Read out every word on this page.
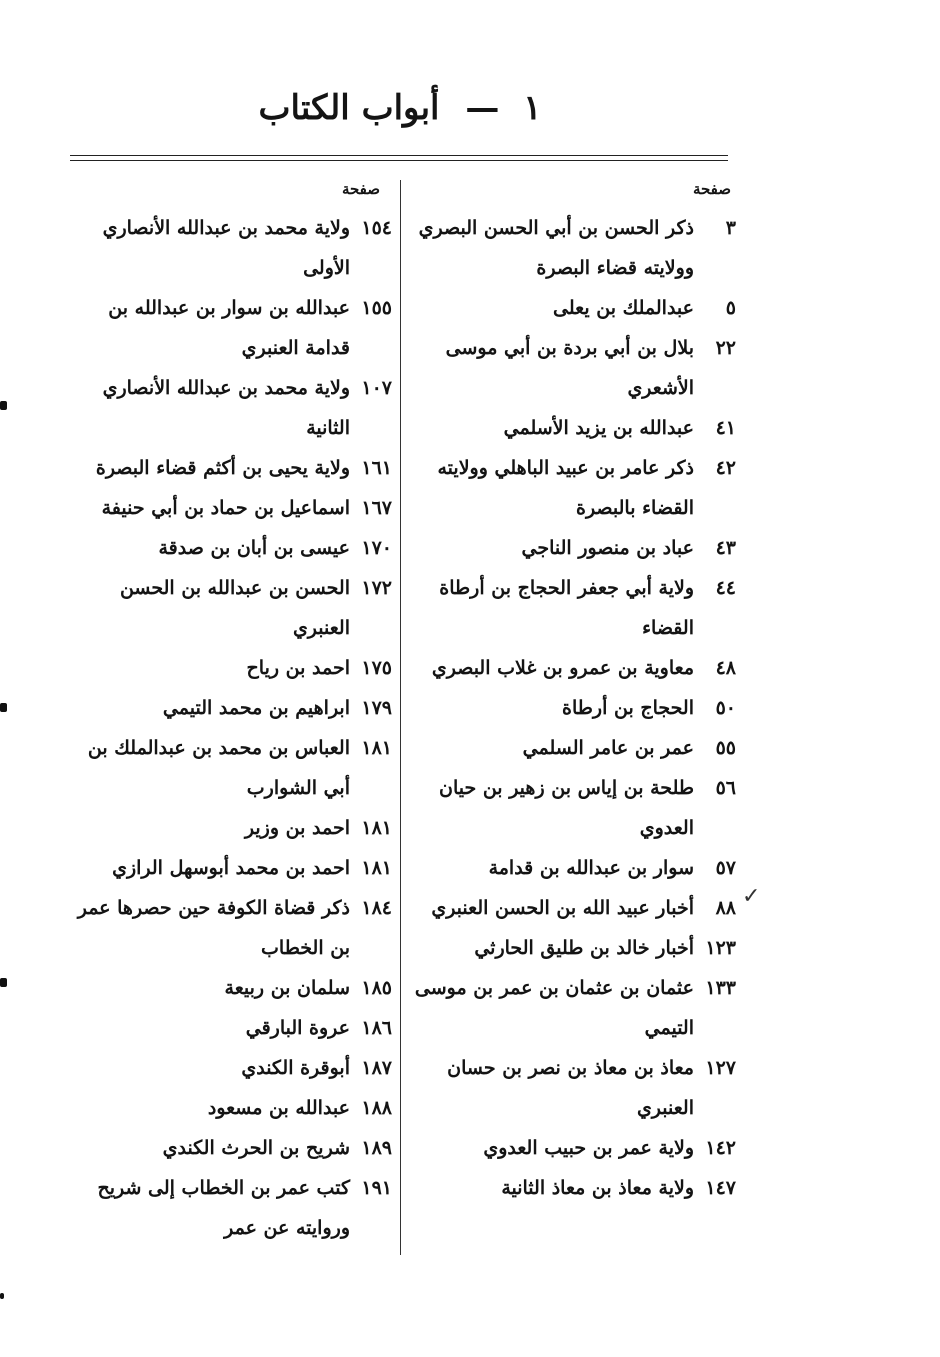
١ — أبواب الكتاب
صفحة
٣
ذكر الحسن بن أبي الحسن البصري وولايته قضاء البصرة
٥
عبدالملك بن يعلى
٢٢
بلال بن أبي بردة بن أبي موسى الأشعري
٤١
عبدالله بن يزيد الأسلمي
٤٢
ذكر عامر بن عبيد الباهلي وولايته القضاء بالبصرة
٤٣
عباد بن منصور الناجي
٤٤
ولاية أبي جعفر الحجاج بن أرطاة القضاء
٤٨
معاوية بن عمرو بن غلاب البصري
٥٠
الحجاج بن أرطاة
٥٥
عمر بن عامر السلمي
٥٦
طلحة بن إياس بن زهير بن حيان العدوي
٥٧
سوار بن عبدالله بن قدامة
٨٨
أخبار عبيد الله بن الحسن العنبري
١٢٣
أخبار خالد بن طليق الحارثي
١٣٣
عثمان بن عثمان بن عمر بن موسى التيمي
١٢٧
معاذ بن معاذ بن نصر بن حسان العنبري
١٤٢
ولاية عمر بن حبيب العدوي
١٤٧
ولاية معاذ بن معاذ الثانية
صفحة
١٥٤
ولاية محمد بن عبدالله الأنصاري الأولى
١٥٥
عبدالله بن سوار بن عبدالله بن قدامة العنبري
١٠٧
ولاية محمد بن عبدالله الأنصاري الثانية
١٦١
ولاية يحيى بن أكثم قضاء البصرة
١٦٧
اسماعيل بن حماد بن أبي حنيفة
١٧٠
عيسى بن أبان بن صدقة
١٧٢
الحسن بن عبدالله بن الحسن العنبري
١٧٥
احمد بن رياح
١٧٩
ابراهيم بن محمد التيمي
١٨١
العباس بن محمد بن عبدالملك بن أبي الشوارب
١٨١
احمد بن وزير
١٨١
احمد بن محمد أبوسهل الرازي
١٨٤
ذكر قضاة الكوفة حين حصرها عمر بن الخطاب
١٨٥
سلمان بن ربيعة
١٨٦
عروة البارقي
١٨٧
أبوقرة الكندي
١٨٨
عبدالله بن مسعود
١٨٩
شريح بن الحرث الكندي
١٩١
كتب عمر بن الخطاب إلى شريح وروايته عن عمر
✓
